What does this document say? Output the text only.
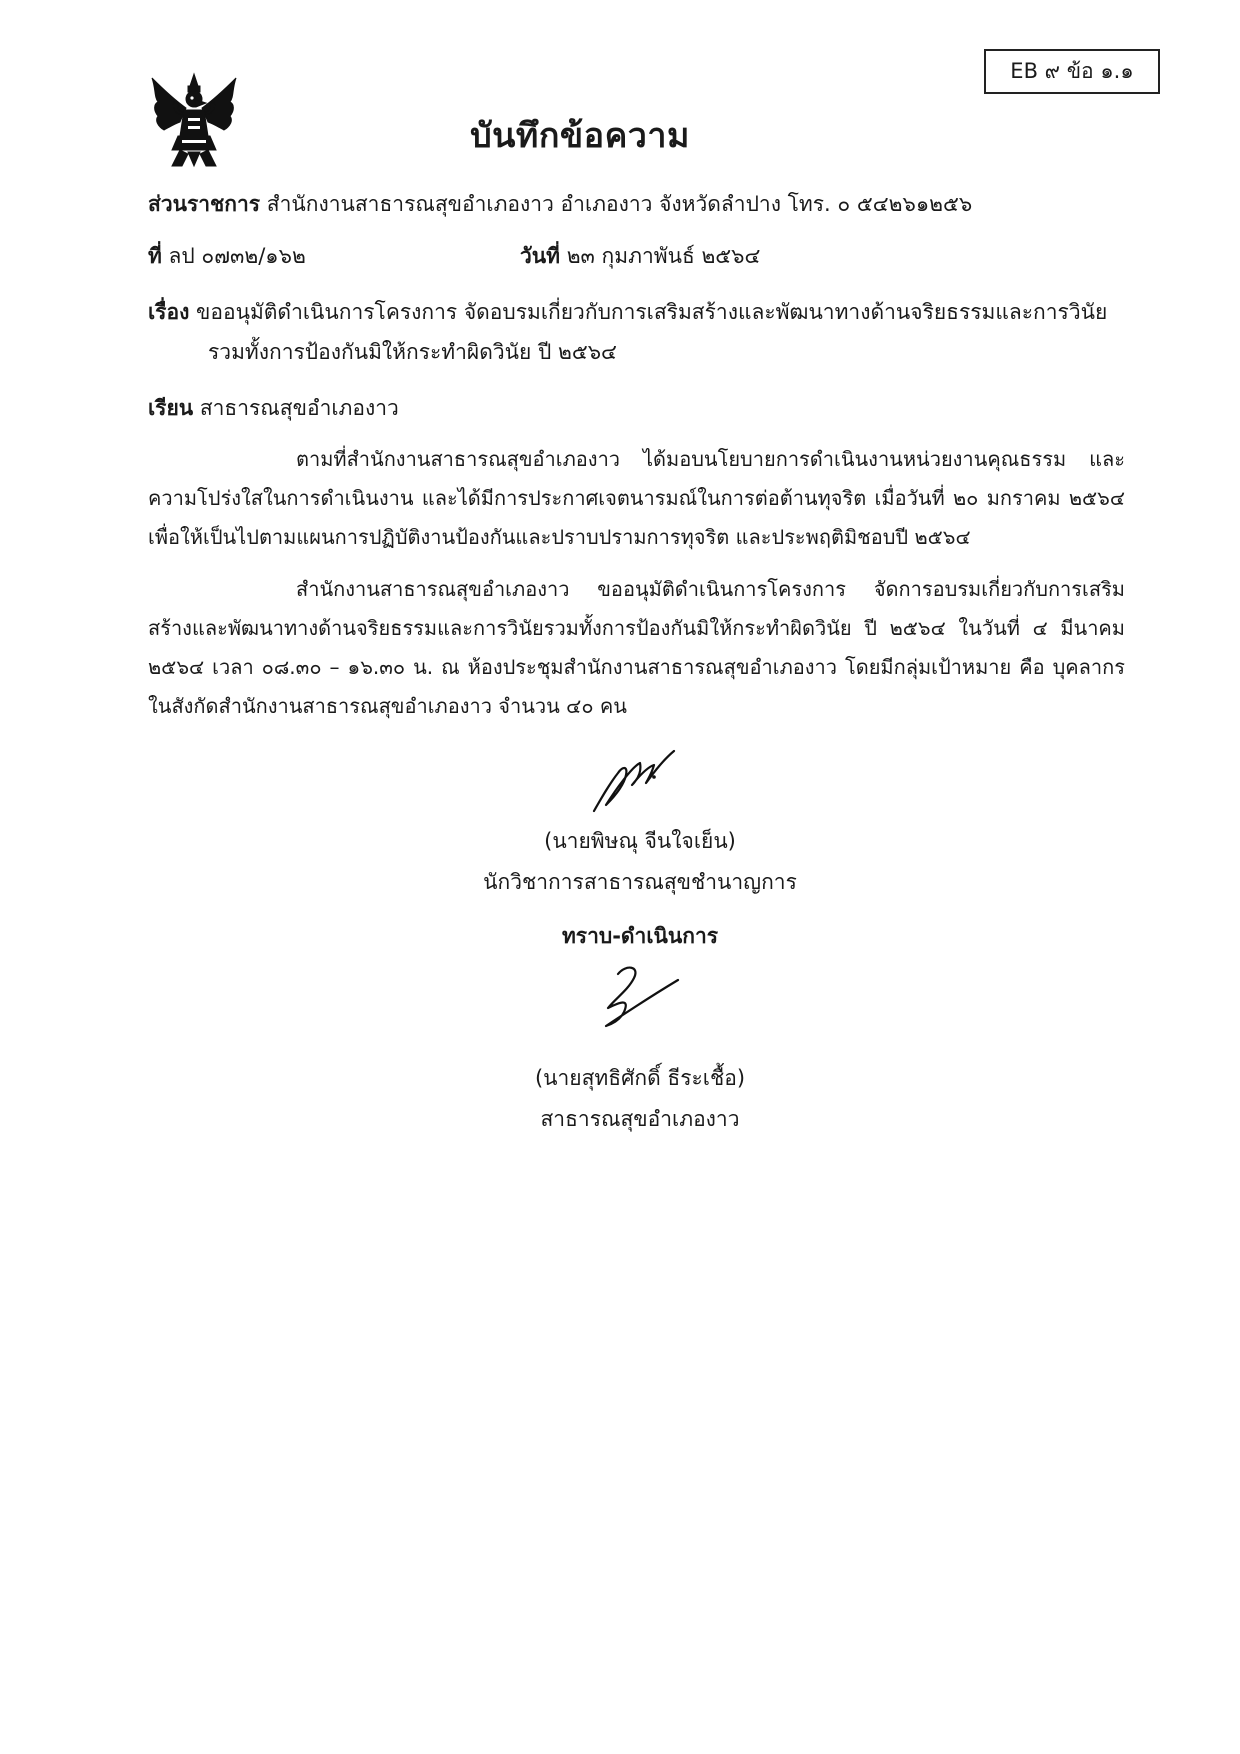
EB ๙ ข้อ ๑.๑
บันทึกข้อความ
ส่วนราชการ สำนักงานสาธารณสุขอำเภองาว อำเภองาว จังหวัดลำปาง โทร. ๐ ๕๔๒๖๑๒๕๖
ที่ ลป ๐๗๓๒/๑๖๒	วันที่ ๒๓ กุมภาพันธ์ ๒๕๖๔
เรื่อง ขออนุมัติดำเนินการโครงการ จัดอบรมเกี่ยวกับการเสริมสร้างและพัฒนาทางด้านจริยธรรมและการวินัย
รวมทั้งการป้องกันมิให้กระทำผิดวินัย ปี ๒๕๖๔
เรียน สาธารณสุขอำเภองาว
ตามที่สำนักงานสาธารณสุขอำเภองาว ได้มอบนโยบายการดำเนินงานหน่วยงานคุณธรรม และความโปร่งใสในการดำเนินงาน และได้มีการประกาศเจตนารมณ์ในการต่อต้านทุจริต เมื่อวันที่ ๒๐ มกราคม ๒๕๖๔ เพื่อให้เป็นไปตามแผนการปฏิบัติงานป้องกันและปราบปรามการทุจริต และประพฤติมิชอบปี ๒๕๖๔
สำนักงานสาธารณสุขอำเภองาว ขออนุมัติดำเนินการโครงการ จัดการอบรมเกี่ยวกับการเสริมสร้างและพัฒนาทางด้านจริยธรรมและการวินัยรวมทั้งการป้องกันมิให้กระทำผิดวินัย ปี ๒๕๖๔ ในวันที่ ๔ มีนาคม ๒๕๖๔ เวลา ๐๘.๓๐ – ๑๖.๓๐ น. ณ ห้องประชุมสำนักงานสาธารณสุขอำเภองาว โดยมีกลุ่มเป้าหมาย คือ บุคลากร ในสังกัดสำนักงานสาธารณสุขอำเภองาว จำนวน ๔๐ คน
(นายพิษณุ จีนใจเย็น)
นักวิชาการสาธารณสุขชำนาญการ
ทราบ-ดำเนินการ
(นายสุทธิศักดิ์ ธีระเชื้อ)
สาธารณสุขอำเภองาว
